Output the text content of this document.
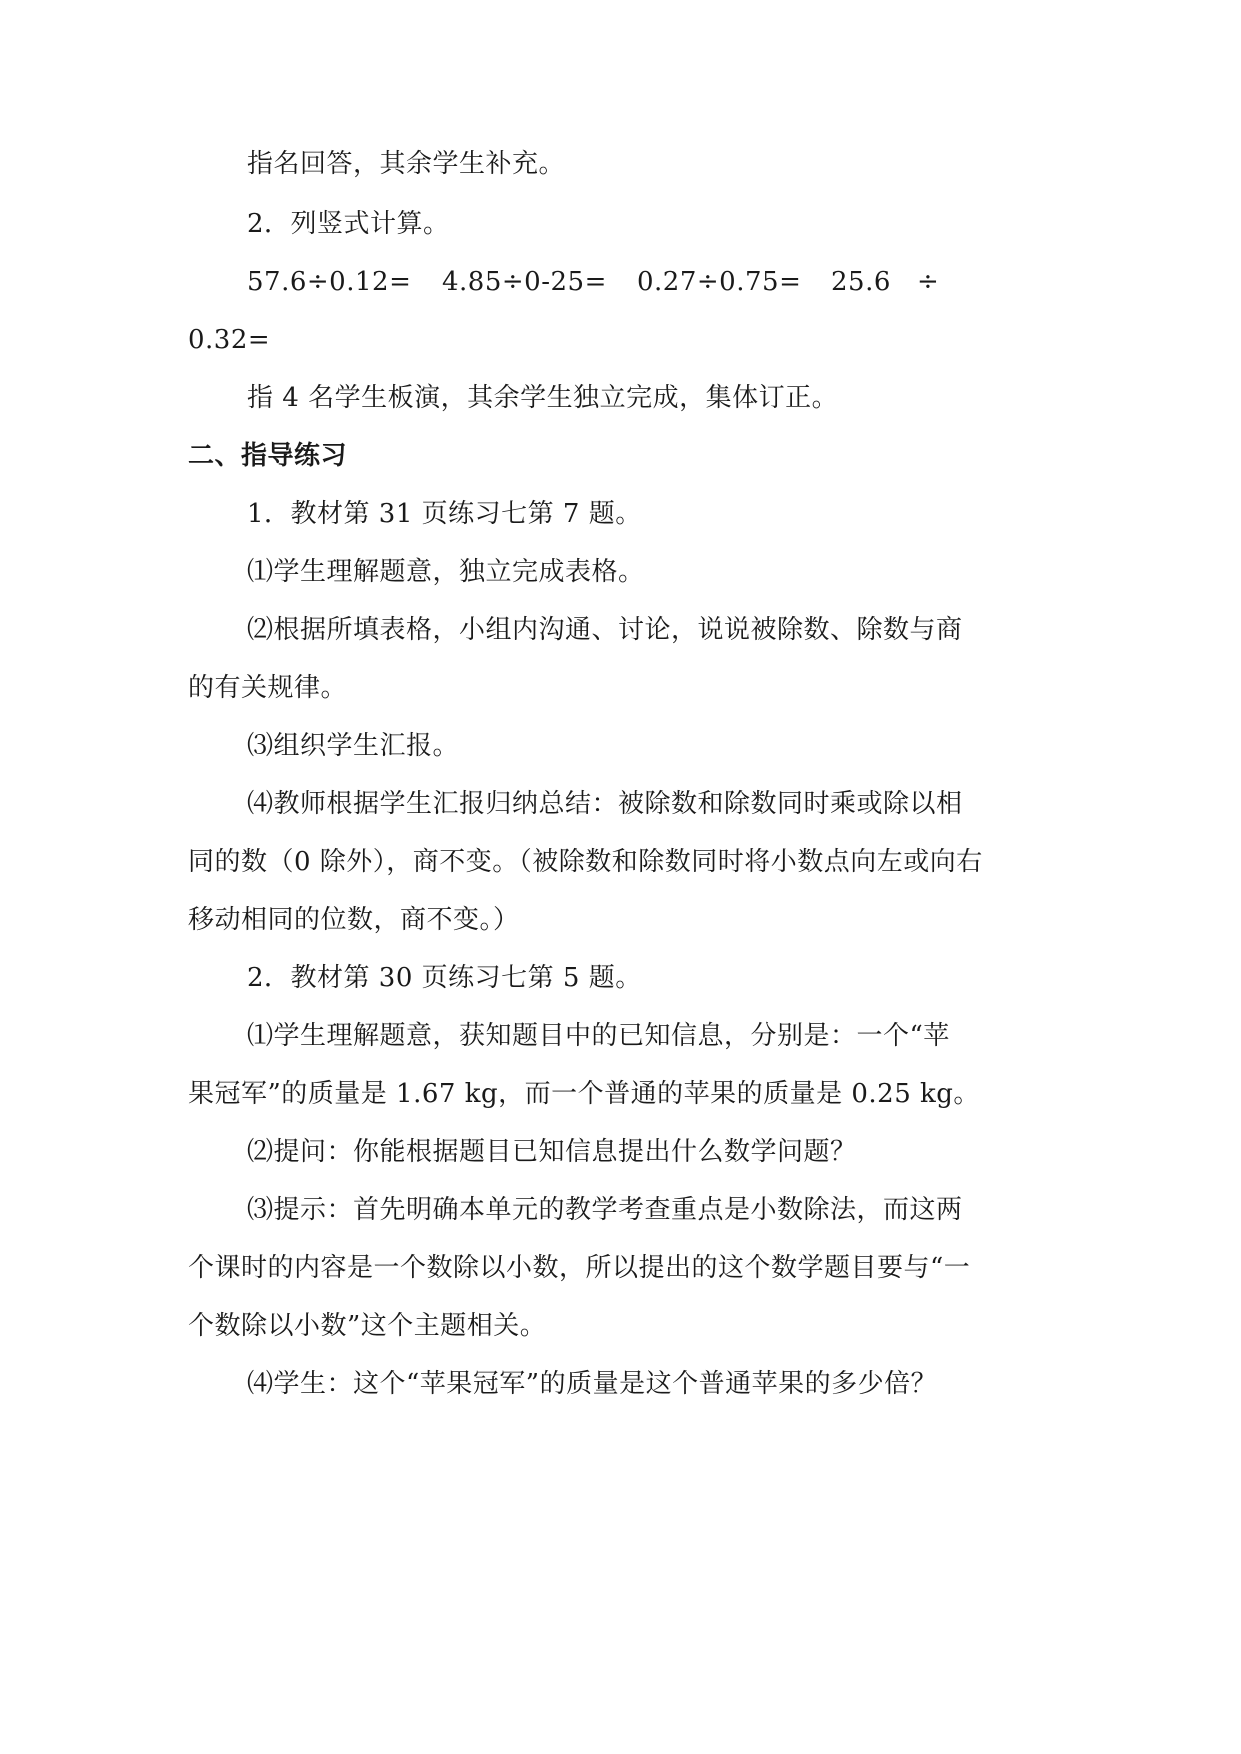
指名回答，其余学生补充。
2．列竖式计算。
57.6÷0.12= 4.85÷0-25= 0.27÷0.75= 25.6 ÷
0.32=
指 4 名学生板演，其余学生独立完成，集体订正。
二、指导练习
1．教材第 31 页练习七第 7 题。
⑴学生理解题意，独立完成表格。
⑵根据所填表格，小组内沟通、讨论，说说被除数、除数与商
的有关规律。
⑶组织学生汇报。
⑷教师根据学生汇报归纳总结：被除数和除数同时乘或除以相
同的数（0 除外），商不变。（被除数和除数同时将小数点向左或向右
移动相同的位数，商不变。）
2．教材第 30 页练习七第 5 题。
⑴学生理解题意，获知题目中的已知信息，分别是：一个“苹
果冠军”的质量是 1.67 kg，而一个普通的苹果的质量是 0.25 kg。
⑵提问：你能根据题目已知信息提出什么数学问题？
⑶提示：首先明确本单元的教学考查重点是小数除法，而这两
个课时的内容是一个数除以小数，所以提出的这个数学题目要与“一
个数除以小数”这个主题相关。
⑷学生：这个“苹果冠军”的质量是这个普通苹果的多少倍？
